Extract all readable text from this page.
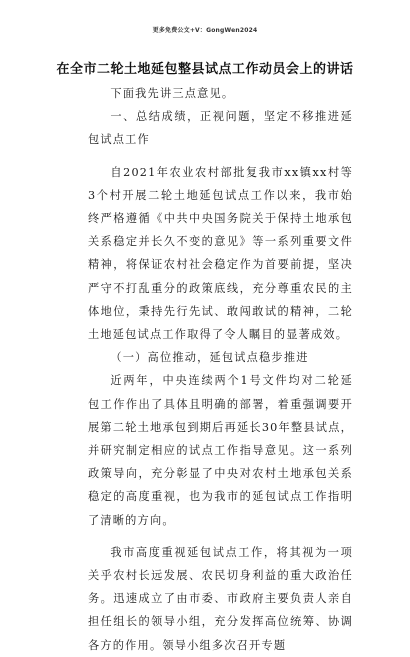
更多免费公文+V：GongWen2024
在全市二轮土地延包整县试点工作动员会上的讲话

下面我先讲三点意见。

一、总结成绩，正视问题，坚定不移推进延包试点工作

自2021年农业农村部批复我市xx镇xx村等3个村开展二轮土地延包试点工作以来，我市始终严格遵循《中共中央国务院关于保持土地承包关系稳定并长久不变的意见》等一系列重要文件精神，将保证农村社会稳定作为首要前提，坚决严守不打乱重分的政策底线，充分尊重农民的主体地位，秉持先行先试、敢闯敢试的精神，二轮土地延包试点工作取得了令人瞩目的显著成效。

（一）高位推动，延包试点稳步推进

近两年，中央连续两个1号文件均对二轮延包工作作出了具体且明确的部署，着重强调要开展第二轮土地承包到期后再延长30年整县试点，并研究制定相应的试点工作指导意见。这一系列政策导向，充分彰显了中央对农村土地承包关系稳定的高度重视，也为我市的延包试点工作指明了清晰的方向。

我市高度重视延包试点工作，将其视为一项关乎农村长远发展、农民切身利益的重大政治任务。迅速成立了由市委、市政府主要负责人亲自担任组长的领导小组，充分发挥高位统筹、协调各方的作用。领导小组多次召开专题
